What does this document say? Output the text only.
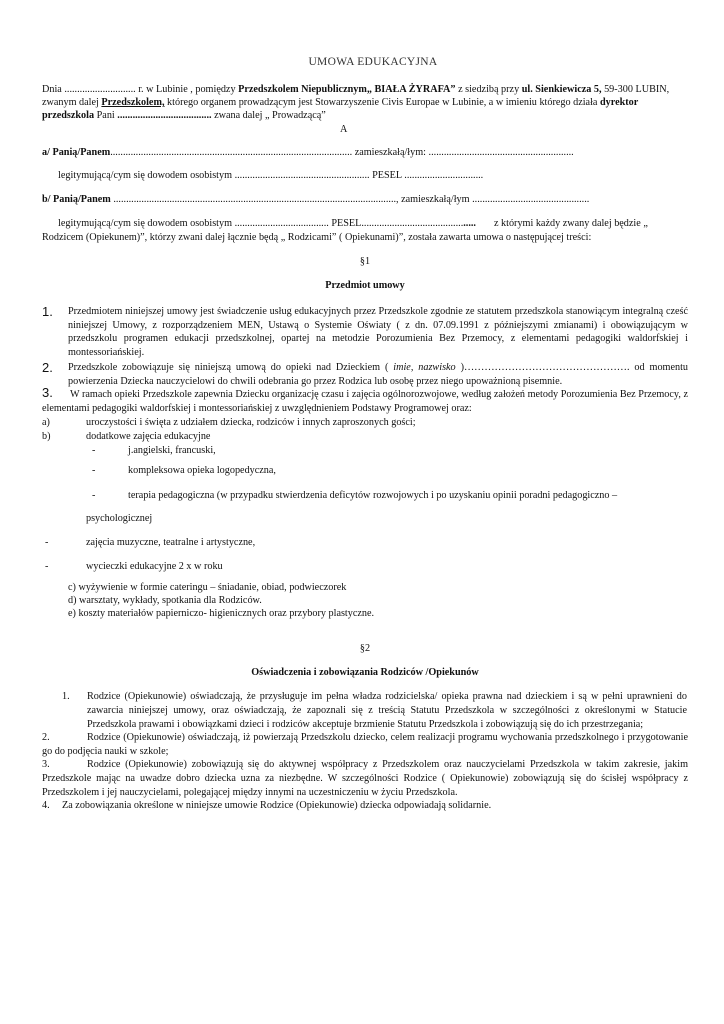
UMOWA EDUKACYJNA

Dnia ............................ r. w Lubinie , pomiędzy Przedszkolem Niepublicznym„ BIAŁA ŻYRAFA” z siedzibą przy ul. Sienkiewicza 5, 59-300 LUBIN, zwanym dalej Przedszkolem, którego organem prowadzącym jest Stowarzyszenie Civis Europae w Lubinie, a w imieniu którego działa dyrektor przedszkola Pani ..................................... zwana dalej „ Prowadzącą”

A
a/ Panią/Panem............................................................................................... zamieszkałą/łym: .........................................................
legitymującą/cym się dowodem osobistym ..................................................... PESEL ...............................
b/ Panią/Panem ..............................................................................................................., zamieszkałą/łym ..............................................

legitymującą/cym się dowodem osobistym ..................................... PESEL............................................. z którymi każdy zwany dalej będzie „ Rodzicem (Opiekunem)”, którzy zwani dalej łącznie będą „ Rodzicami” ( Opiekunami)”, została zawarta umowa o następującej treści:

§1
Przedmiot umowy
1.	Przedmiotem niniejszej umowy jest świadczenie usług edukacyjnych przez Przedszkole zgodnie ze statutem przedszkola stanowiącym integralną cześć niniejszej Umowy, z rozporządzeniem MEN, Ustawą o Systemie Oświaty ( z dn. 07.09.1991 z późniejszymi zmianami) i obowiązującym w przedszkolu programen edukacji przedszkolnej, opartej na metodzie Porozumienia Bez Przemocy, z elementami pedagogiki waldorfskiej i montessoriańskiej.
2.	Przedszkole zobowiązuje się niniejszą umową do opieki nad Dzieckiem ( imie, nazwisko )…………………………………………. od momentu powierzenia Dziecka nauczycielowi do chwili odebrania go przez Rodzica lub osobę przez niego upoważnioną pisemnie.

3. W ramach opieki Przedszkole zapewnia Dziecku organizację czasu i zajęcia ogólnorozwojowe, według założeń metody Porozumienia Bez Przemocy, z elementami pedagogiki waldorfskiej i montessoriańskiej z uwzględnieniem Podstawy Programowej oraz:

a)	uroczystości i święta z udziałem dziecka, rodziców i innych zaproszonych gości;
b)	dodatkowe zajęcia edukacyjne
-	j.angielski, francuski,
-	kompleksowa opieka logopedyczna,
-	terapia pedagogiczna (w przypadku stwierdzenia deficytów rozwojowych i po uzyskaniu opinii poradni pedagogiczno –
psychologicznej
-	zajęcia muzyczne, teatralne i artystyczne,
-	wycieczki edukacyjne 2 x w roku
c) wyżywienie w formie cateringu – śniadanie, obiad, podwieczorek
d) warsztaty, wykłady, spotkania dla Rodziców.
e) koszty materiałów papierniczo- higienicznych oraz przybory plastyczne.
§2
Oświadczenia i zobowiązania Rodziców /Opiekunów
1.	Rodzice (Opiekunowie) oświadczają, że przysługuje im pełna władza rodzicielska/ opieka prawna nad dzieckiem i są w pełni uprawnieni do zawarcia niniejszej umowy, oraz oświadczają, że zapoznali się z treścią Statutu Przedszkola w szczególności z określonymi w Statucie Przedszkola prawami i obowiązkami dzieci i rodziców akceptuje brzmienie Statutu Przedszkola i zobowiązują się do ich przestrzegania;

2.	Rodzice (Opiekunowie) oświadczają, iż powierzają Przedszkolu dziecko, celem realizacji programu wychowania przedszkolnego i przygotowanie go do podjęcia nauki w szkole;

3.	Rodzice (Opiekunowie) zobowiązują się do aktywnej współpracy z Przedszkolem oraz nauczycielami Przedszkola w takim zakresie, jakim Przedszkole mając na uwadze dobro dziecka uzna za niezbędne. W szczególności Rodzice ( Opiekunowie) zobowiązują się do ścisłej współpracy z Przedszkolem i jej nauczycielami, polegającej między innymi na uczestniczeniu w życiu Przedszkola.

4. Za zobowiązania określone w niniejsze umowie Rodzice (Opiekunowie) dziecka odpowiadają solidarnie.
